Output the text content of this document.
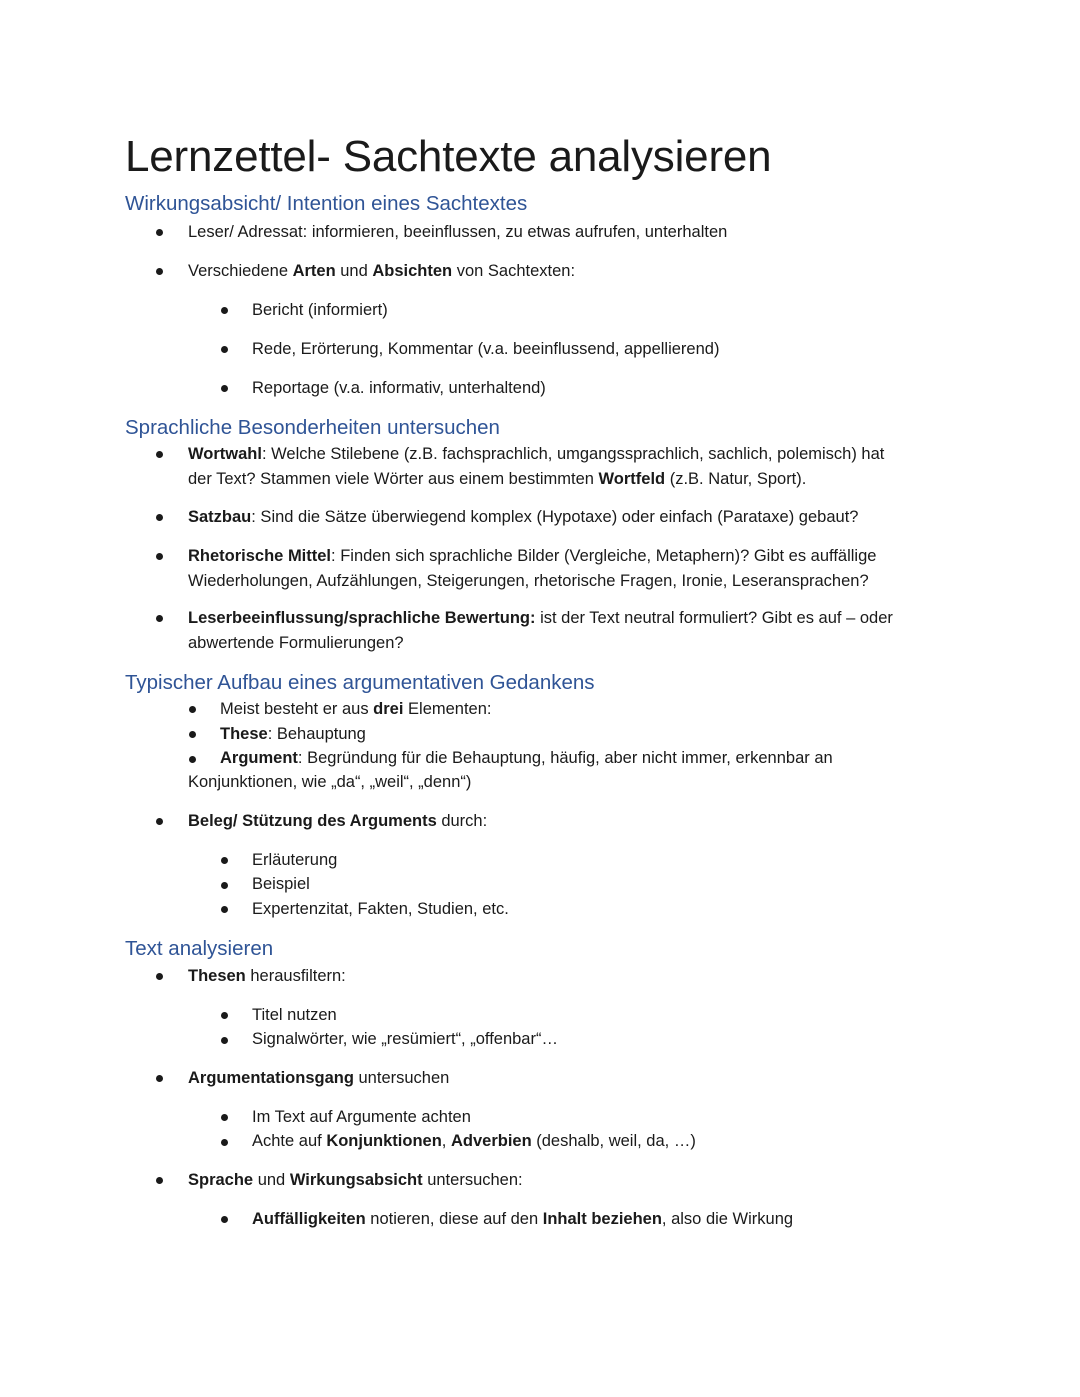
Lernzettel- Sachtexte analysieren
Wirkungsabsicht/ Intention eines Sachtextes

Leser/ Adressat: informieren, beeinflussen, zu etwas aufrufen, unterhalten

Verschiedene Arten und Absichten von Sachtexten:

Bericht (informiert)

Rede, Erörterung, Kommentar (v.a. beeinflussend, appellierend)

Reportage (v.a. informativ, unterhaltend)

Sprachliche Besonderheiten untersuchen

Wortwahl: Welche Stilebene (z.B. fachsprachlich, umgangssprachlich, sachlich, polemisch) hat
der Text? Stammen viele Wörter aus einem bestimmten Wortfeld (z.B. Natur, Sport).

Satzbau: Sind die Sätze überwiegend komplex (Hypotaxe) oder einfach (Parataxe) gebaut?

Rhetorische Mittel: Finden sich sprachliche Bilder (Vergleiche, Metaphern)? Gibt es auffällige
Wiederholungen, Aufzählungen, Steigerungen, rhetorische Fragen, Ironie, Leseransprachen?

Leserbeeinflussung/sprachliche Bewertung: ist der Text neutral formuliert? Gibt es auf – oder
abwertende Formulierungen?

Typischer Aufbau eines argumentativen Gedankens

Meist besteht er aus drei Elementen:

These: Behauptung

Argument: Begründung für die Behauptung, häufig, aber nicht immer, erkennbar an

Konjunktionen, wie „da“, „weil“, „denn“)

Beleg/ Stützung des Arguments durch:

Erläuterung

Beispiel

Expertenzitat, Fakten, Studien, etc.

Text analysieren

Thesen herausfiltern:

Titel nutzen

Signalwörter, wie „resümiert“, „offenbar“…

Argumentationsgang untersuchen

Im Text auf Argumente achten

Achte auf Konjunktionen, Adverbien (deshalb, weil, da, …)

Sprache und Wirkungsabsicht untersuchen:

Auffälligkeiten notieren, diese auf den Inhalt beziehen, also die Wirkung
